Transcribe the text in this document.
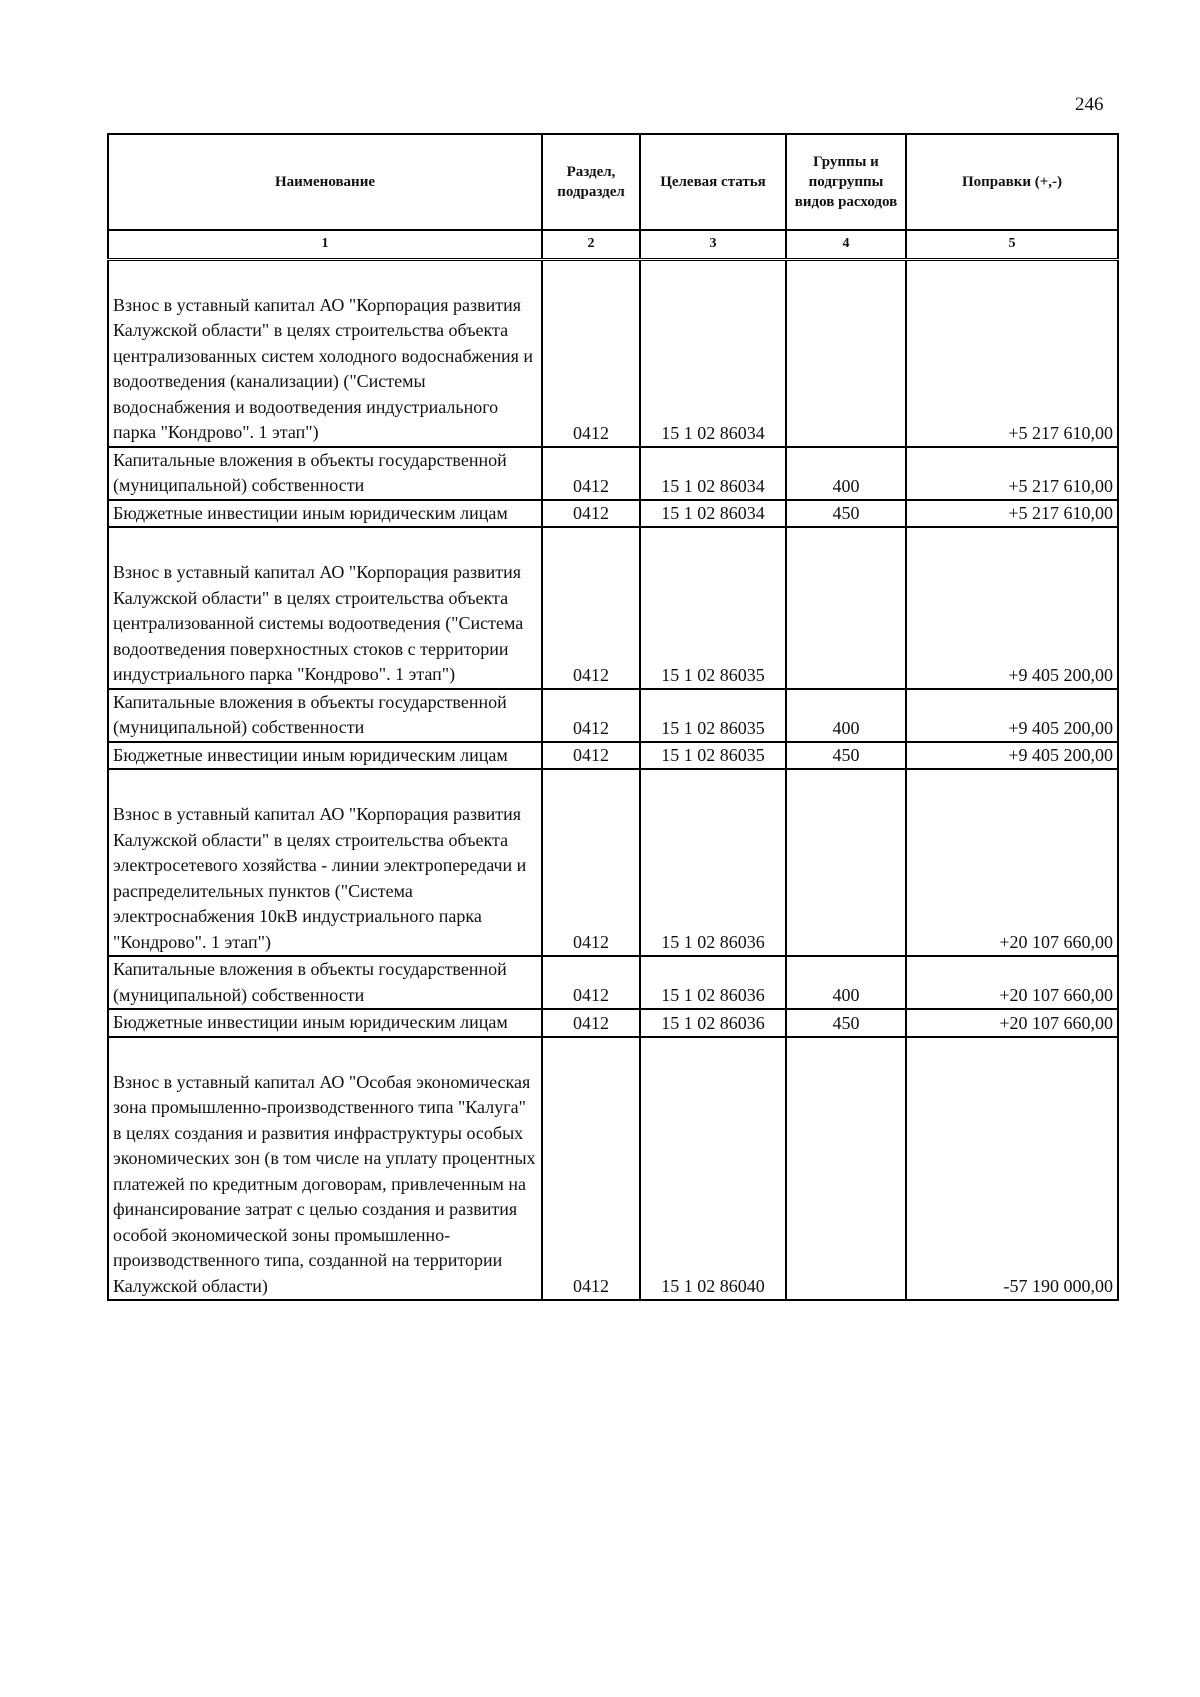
246
Наименование	Раздел, подраздел	Целевая статья	Группы и подгруппы видов расходов	Поправки (+,-)
1	2	3	4	5
Взнос в уставный капитал АО "Корпорация развития Калужской области" в целях строительства объекта централизованных систем холодного водоснабжения и водоотведения (канализации) ("Системы водоснабжения и водоотведения индустриального парка "Кондрово". 1 этап")	0412	15 1 02 86034		+5 217 610,00
Капитальные вложения в объекты государственной (муниципальной) собственности	0412	15 1 02 86034	400	+5 217 610,00
Бюджетные инвестиции иным юридическим лицам	0412	15 1 02 86034	450	+5 217 610,00
Взнос в уставный капитал АО "Корпорация развития Калужской области" в целях строительства объекта централизованной системы водоотведения ("Система водоотведения поверхностных стоков с территории индустриального парка "Кондрово". 1 этап")	0412	15 1 02 86035		+9 405 200,00
Капитальные вложения в объекты государственной (муниципальной) собственности	0412	15 1 02 86035	400	+9 405 200,00
Бюджетные инвестиции иным юридическим лицам	0412	15 1 02 86035	450	+9 405 200,00
Взнос в уставный капитал АО "Корпорация развития Калужской области" в целях строительства объекта электросетевого хозяйства - линии электропередачи и распределительных пунктов ("Система электроснабжения 10кВ индустриального парка "Кондрово". 1 этап")	0412	15 1 02 86036		+20 107 660,00
Капитальные вложения в объекты государственной (муниципальной) собственности	0412	15 1 02 86036	400	+20 107 660,00
Бюджетные инвестиции иным юридическим лицам	0412	15 1 02 86036	450	+20 107 660,00
Взнос в уставный капитал АО "Особая экономическая зона промышленно-производственного типа "Калуга" в целях создания и развития инфраструктуры особых экономических зон (в том числе на уплату процентных платежей по кредитным договорам, привлеченным на финансирование затрат с целью создания и развития особой экономической зоны промышленно-производственного типа, созданной на территории Калужской области)	0412	15 1 02 86040		-57 190 000,00
